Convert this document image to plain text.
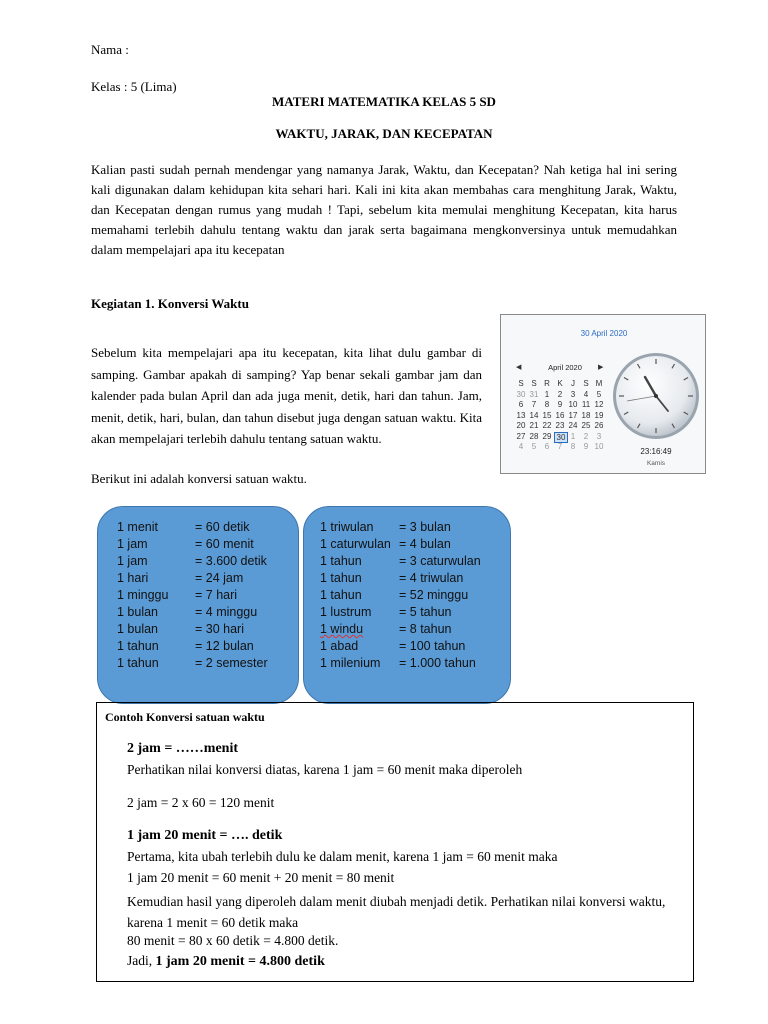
Nama :
Kelas : 5 (Lima)
MATERI MATEMATIKA KELAS 5 SD
WAKTU, JARAK, DAN KECEPATAN
Kalian pasti sudah pernah mendengar yang namanya Jarak, Waktu, dan Kecepatan? Nah ketiga hal ini sering kali digunakan dalam kehidupan kita sehari hari. Kali ini kita akan membahas cara menghitung Jarak, Waktu, dan Kecepatan dengan rumus yang mudah ! Tapi, sebelum kita memulai menghitung Kecepatan, kita harus memahami terlebih dahulu tentang waktu dan jarak serta bagaimana mengkonversinya untuk memudahkan dalam mempelajari apa itu kecepatan
Kegiatan 1. Konversi Waktu
Sebelum kita mempelajari apa itu kecepatan, kita lihat dulu gambar di samping. Gambar apakah di samping? Yap benar sekali gambar jam dan kalender pada bulan April dan ada juga menit, detik, hari dan tahun. Jam, menit, detik, hari, bulan, dan tahun disebut juga dengan satuan waktu. Kita akan mempelajari terlebih dahulu tentang satuan waktu.
Berikut ini adalah konversi satuan waktu.
30 April 2020
◀	April 2020	▶
S S R K	J	S M
30 31 1	2	3	4	5
6	7	8	9 10 11 12
13 14 15 16 17 18 19
20 21 22 23 24 25 26
27 28 29 30 1	2	3
4	5	6	7	8	9 10
23:16:49
Kamis
1 menit	= 60 detik
1 jam	= 60 menit
1 jam	= 3.600 detik
1 hari	= 24 jam
1 minggu	= 7 hari
1 bulan	= 4 minggu
1 bulan	= 30 hari
1 tahun	= 12 bulan
1 tahun	= 2 semester
1 triwulan	= 3 bulan
1 caturwulan = 4 bulan
1 tahun	= 3 caturwulan
1 tahun	= 4 triwulan
1 tahun	= 52 minggu
1 lustrum	= 5 tahun
1 windu	= 8 tahun
1 abad	= 100 tahun
1 milenium	= 1.000 tahun
Contoh Konversi satuan waktu
2 jam = ……menit
Perhatikan nilai konversi diatas, karena 1 jam = 60 menit maka diperoleh
2 jam = 2 x 60 = 120 menit
1 jam 20 menit = …. detik
Pertama, kita ubah terlebih dulu ke dalam menit, karena 1 jam = 60 menit maka
1 jam 20 menit = 60 menit + 20 menit = 80 menit
Kemudian hasil yang diperoleh dalam menit diubah menjadi detik. Perhatikan nilai konversi waktu, karena 1 menit = 60 detik maka
80 menit = 80 x 60 detik = 4.800 detik.
Jadi, 1 jam 20 menit = 4.800 detik
